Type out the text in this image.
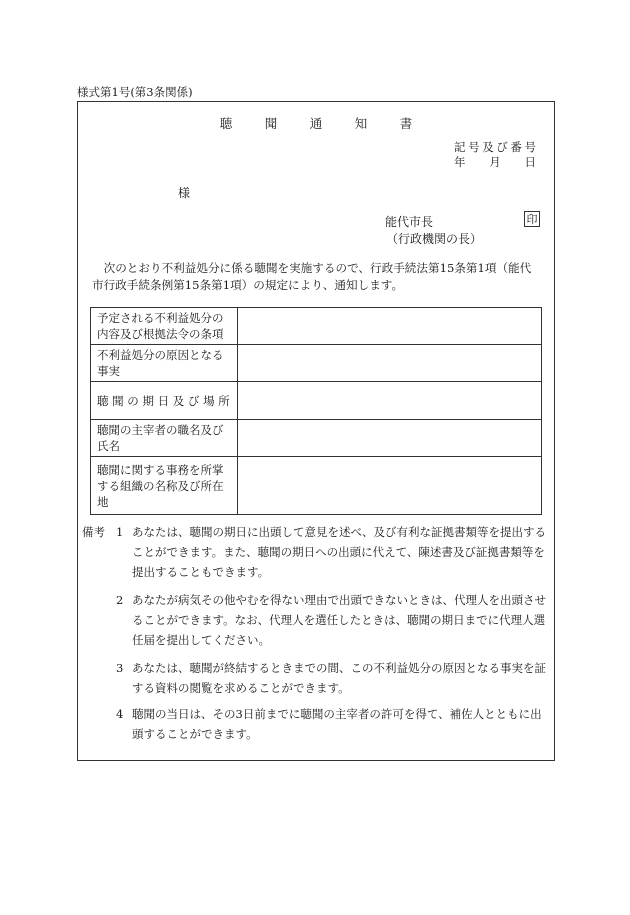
様式第1号(第3条関係)
聴	聞	通	知	書
記号及び番号
年　　月　　日
様
能代市長	印
（行政機関の長）

次のとおり不利益処分に係る聴聞を実施するので、行政手続法第15条第1項（能代市行政手続条例第15条第1項）の規定により、通知します。

予定される不利益処分の内容及び根拠法令の条項	
不利益処分の原因となる事実	
聴 聞 の 期 日 及 び 場 所	
聴聞の主宰者の職名及び氏名	
聴聞に関する事務を所掌する組織の名称及び所在地	
備考 1 あなたは、聴聞の期日に出頭して意見を述べ、及び有利な証拠書類等を提出することができます。また、聴聞の期日への出頭に代えて、陳述書及び証拠書類等を提出することもできます。
2 あなたが病気その他やむを得ない理由で出頭できないときは、代理人を出頭させることができます。なお、代理人を選任したときは、聴聞の期日までに代理人選任届を提出してください。
3 あなたは、聴聞が終結するときまでの間、この不利益処分の原因となる事実を証する資料の閲覧を求めることができます。
4 聴聞の当日は、その3日前までに聴聞の主宰者の許可を得て、補佐人とともに出頭することができます。
